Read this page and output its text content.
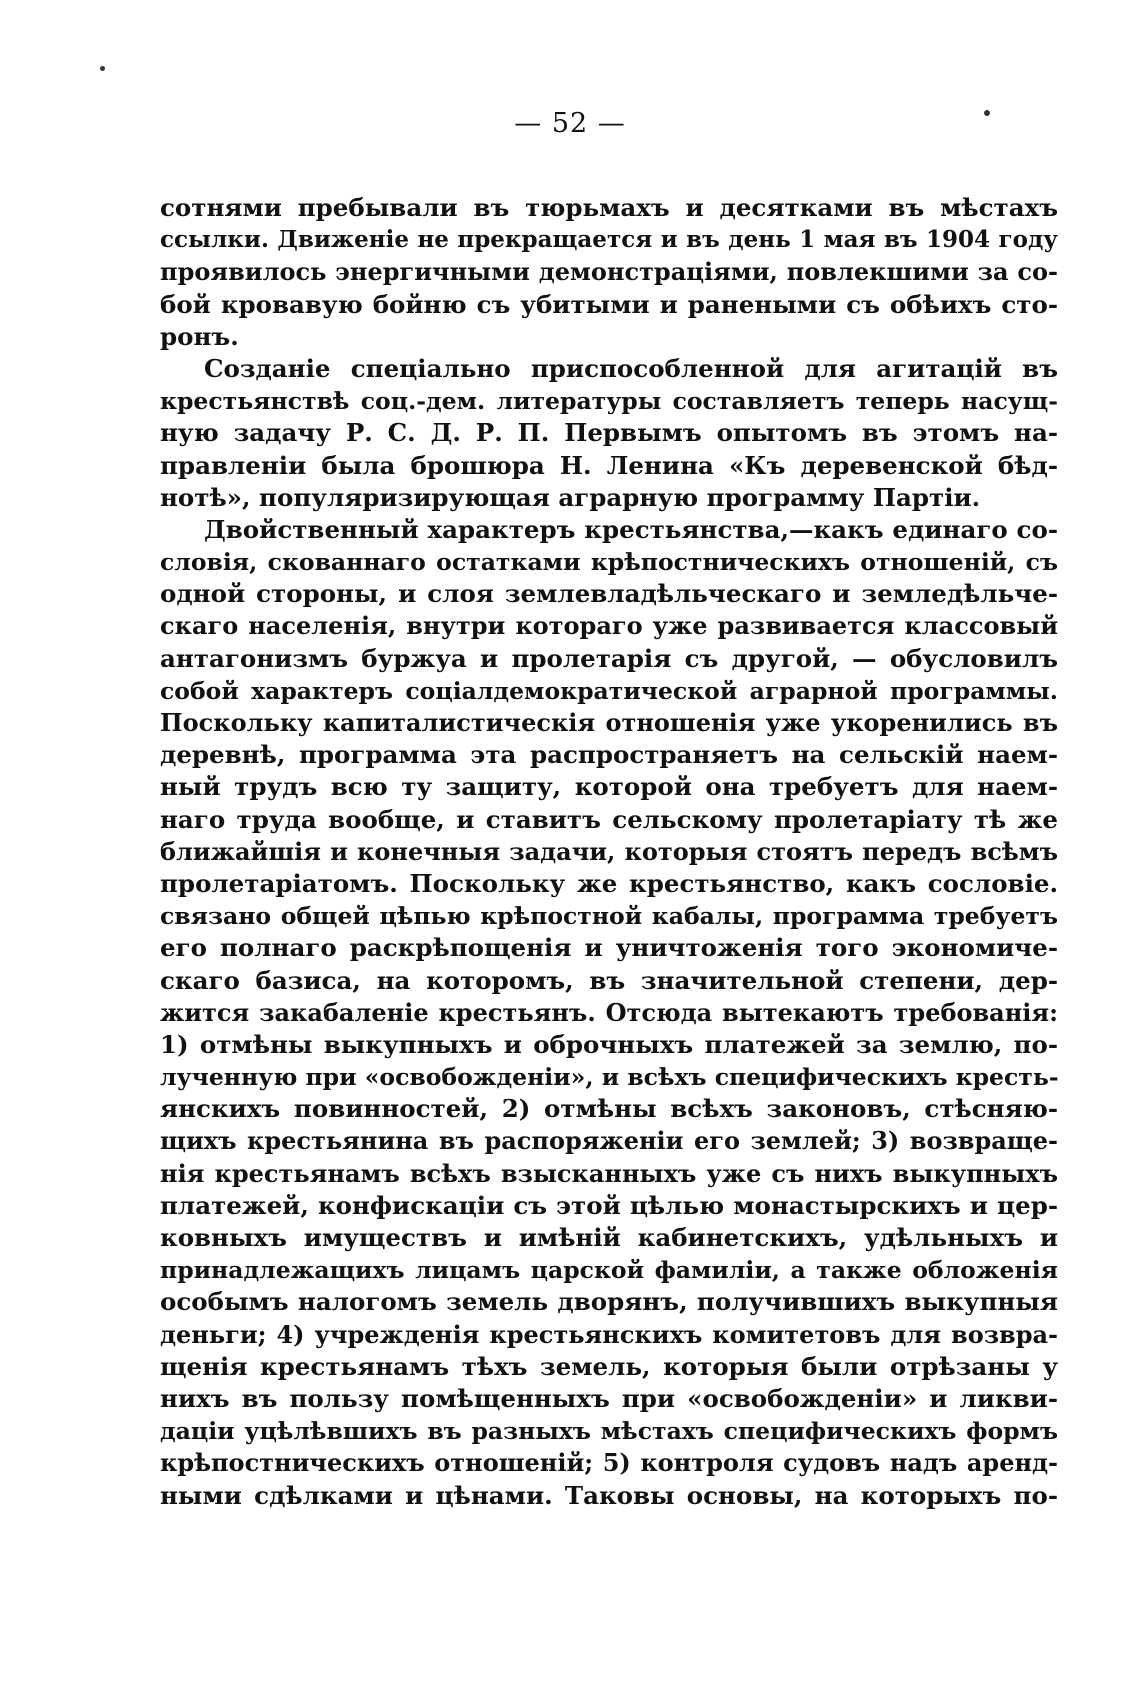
— 52 —
сотнями пребывали въ тюрьмахъ и десятками въ мѣстахъ
ссылки. Движеніе не прекращается и въ день 1 мая въ 1904 году
проявилось энергичными демонстраціями, повлекшими за со-
бой кровавую бойню съ убитыми и ранеными съ обѣихъ сто-
ронъ.
Созданіе спеціально приспособленной для агитацій въ
крестьянствѣ соц.-дем. литературы составляетъ теперь насущ-
ную задачу Р. С. Д. Р. П. Первымъ опытомъ въ этомъ на-
правленіи была брошюра Н. Ленина «Къ деревенской бѣд-
нотѣ», популяризирующая аграрную программу Партіи.
Двойственный характеръ крестьянства,—какъ единаго со-
словія, скованнаго остатками крѣпостническихъ отношеній, съ
одной стороны, и слоя землевладѣльческаго и земледѣльче-
скаго населенія, внутри котораго уже развивается классовый
антагонизмъ буржуа и пролетарія съ другой, — обусловилъ
собой характеръ соціалдемократической аграрной программы.
Поскольку капиталистическія отношенія уже укоренились въ
деревнѣ, программа эта распространяетъ на сельскій наем-
ный трудъ всю ту защиту, которой она требуетъ для наем-
наго труда вообще, и ставитъ сельскому пролетаріату тѣ же
ближайшія и конечныя задачи, которыя стоятъ передъ всѣмъ
пролетаріатомъ. Поскольку же крестьянство, какъ сословіе.
связано общей цѣпью крѣпостной кабалы, программа требуетъ
его полнаго раскрѣпощенія и уничтоженія того экономиче-
скаго базиса, на которомъ, въ значительной степени, дер-
жится закабаленіе крестьянъ. Отсюда вытекаютъ требованія:
1) отмѣны выкупныхъ и оброчныхъ платежей за землю, по-
лученную при «освобожденіи», и всѣхъ специфическихъ кресть-
янскихъ повинностей, 2) отмѣны всѣхъ законовъ, стѣсняю-
щихъ крестьянина въ распоряженіи его землей; 3) возвраще-
нія крестьянамъ всѣхъ взысканныхъ уже съ нихъ выкупныхъ
платежей, конфискаціи съ этой цѣлью монастырскихъ и цер-
ковныхъ имуществъ и имѣній кабинетскихъ, удѣльныхъ и
принадлежащихъ лицамъ царской фамиліи, а также обложенія
особымъ налогомъ земель дворянъ, получившихъ выкупныя
деньги; 4) учрежденія крестьянскихъ комитетовъ для возвра-
щенія крестьянамъ тѣхъ земель, которыя были отрѣзаны у
нихъ въ пользу помѣщенныхъ при «освобожденіи» и ликви-
даціи уцѣлѣвшихъ въ разныхъ мѣстахъ специфическихъ формъ
крѣпостническихъ отношеній; 5) контроля судовъ надъ аренд-
ными сдѣлками и цѣнами. Таковы основы, на которыхъ по-
